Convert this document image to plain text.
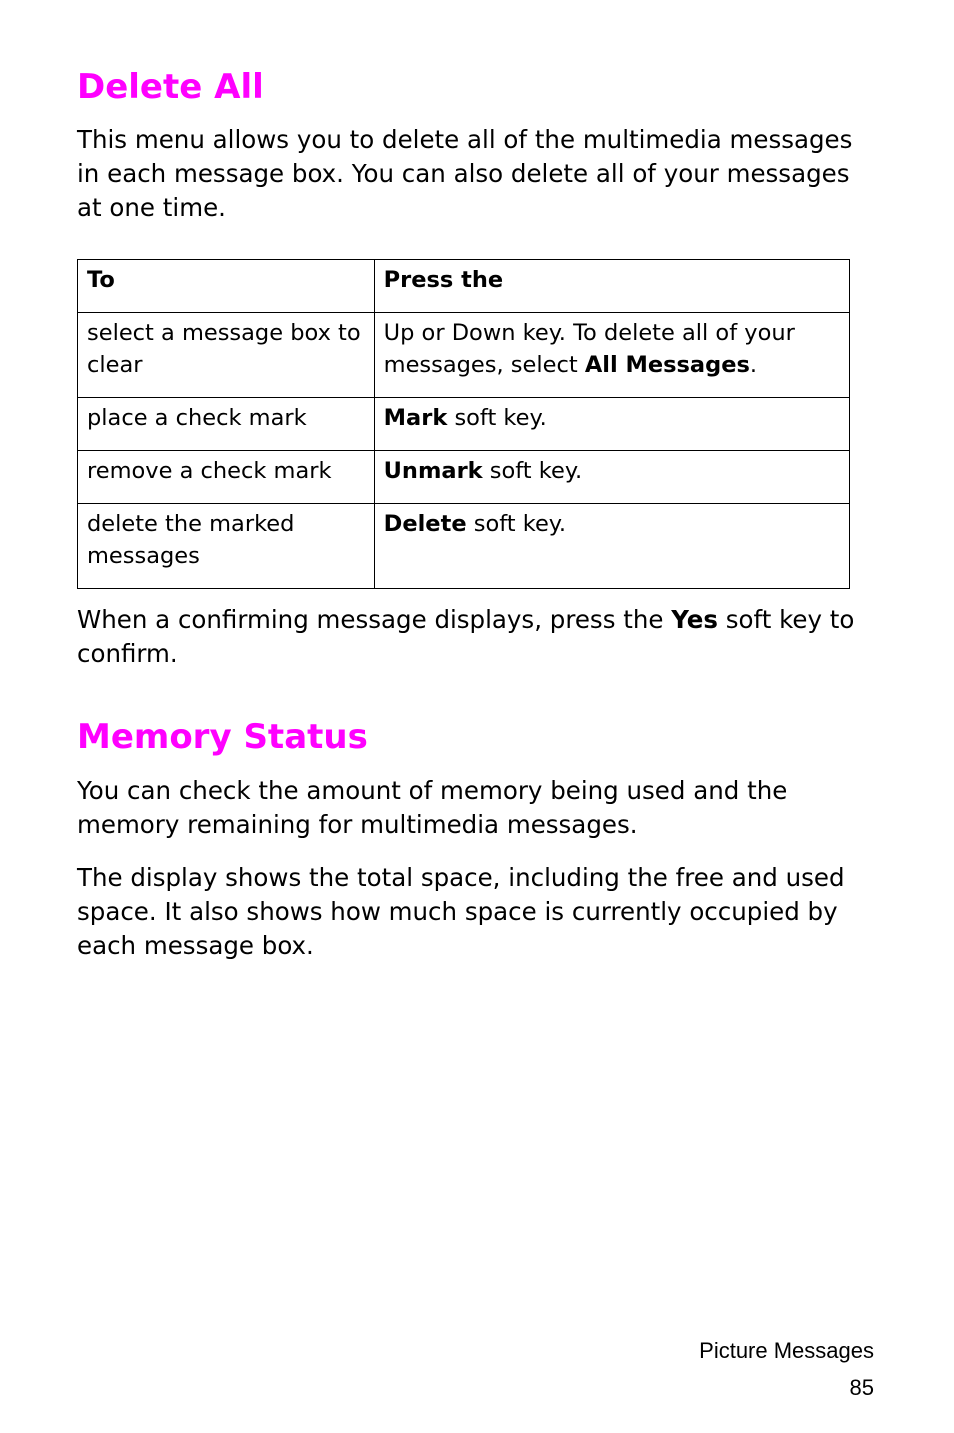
Delete All

This menu allows you to delete all of the multimedia messages in each message box. You can also delete all of your messages at one time.

To	Press the
select a message box to clear	Up or Down key. To delete all of your messages, select All Messages.
place a check mark	Mark soft key.
remove a check mark	Unmark soft key.
delete the marked messages	Delete soft key.

When a confirming message displays, press the Yes soft key to confirm.

Memory Status

You can check the amount of memory being used and the memory remaining for multimedia messages.

The display shows the total space, including the free and used space. It also shows how much space is currently occupied by each message box.

Picture Messages
85
